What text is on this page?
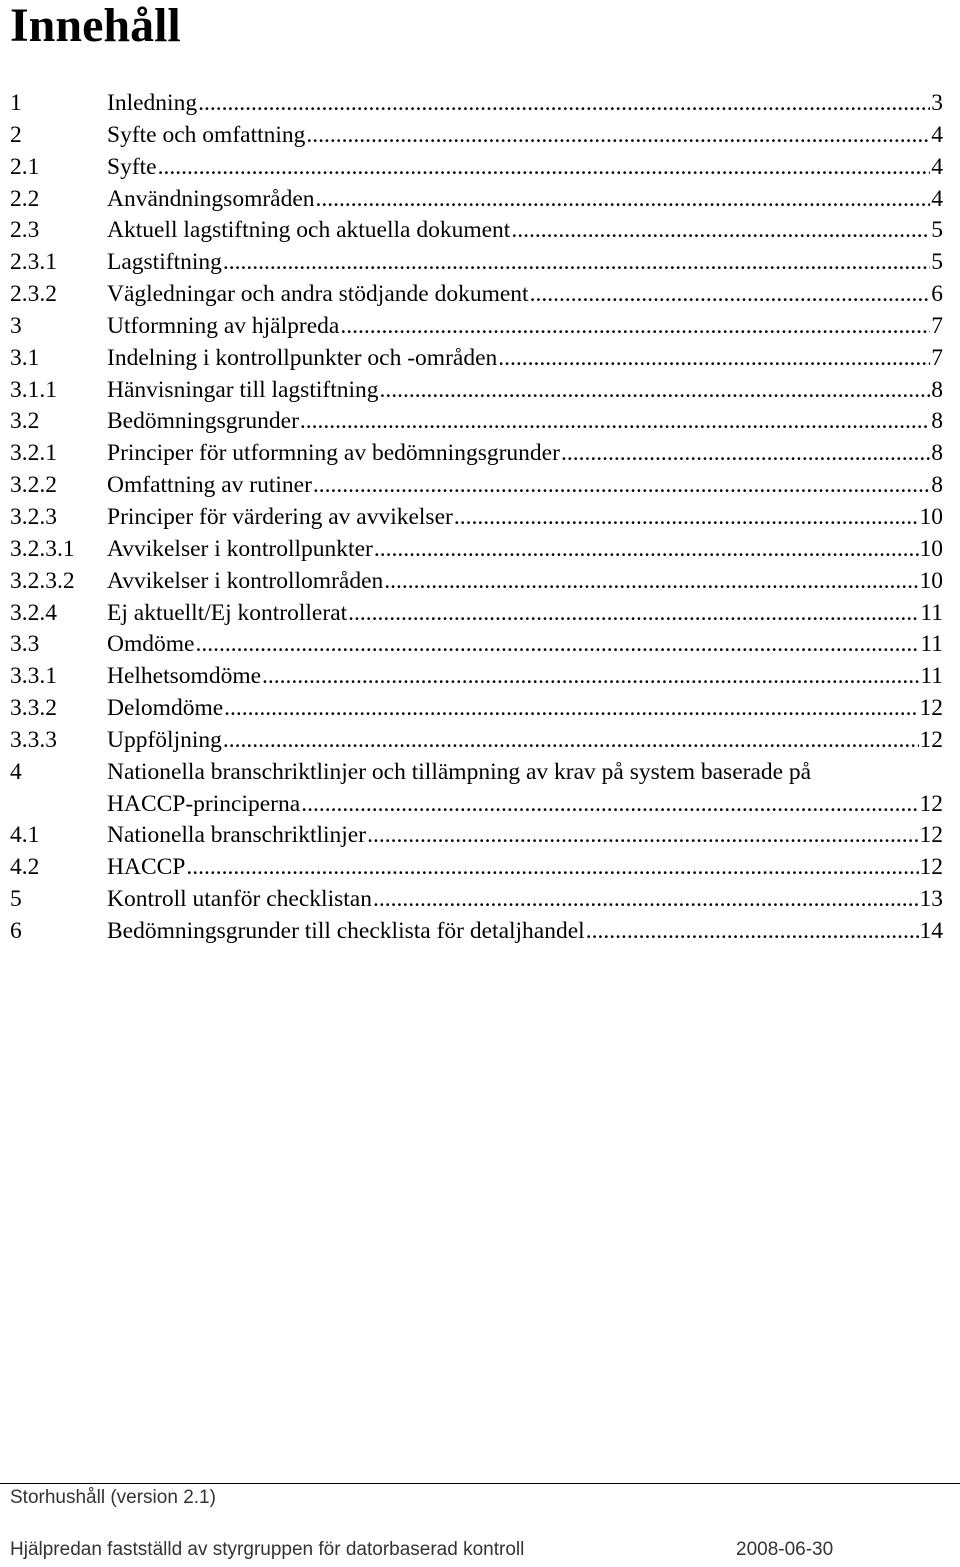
Innehåll
1	Inledning .....	3
2	Syfte och omfattning .....	4
2.1	Syfte .....	4
2.2	Användningsområden .....	4
2.3	Aktuell lagstiftning och aktuella dokument .....	5
2.3.1	Lagstiftning .....	5
2.3.2	Vägledningar och andra stödjande dokument .....	6
3	Utformning av hjälpreda .....	7
3.1	Indelning i kontrollpunkter och -områden .....	7
3.1.1	Hänvisningar till lagstiftning .....	8
3.2	Bedömningsgrunder .....	8
3.2.1	Principer för utformning av bedömningsgrunder .....	8
3.2.2	Omfattning av rutiner .....	8
3.2.3	Principer för värdering av avvikelser .....	10
3.2.3.1	Avvikelser i kontrollpunkter .....	10
3.2.3.2	Avvikelser i kontrollområden .....	10
3.2.4	Ej aktuellt/Ej kontrollerat .....	11
3.3	Omdöme .....	11
3.3.1	Helhetsomdöme .....	11
3.3.2	Delomdöme .....	12
3.3.3	Uppföljning .....	12
4	Nationella branschriktlinjer och tillämpning av krav på system baserade på
HACCP-principerna .....	12
4.1	Nationella branschriktlinjer .....	12
4.2	HACCP .....	12
5	Kontroll utanför checklistan .....	13
6	Bedömningsgrunder till checklista för detaljhandel .....	14
Storhushåll (version 2.1)
Hjälpredan fastställd av styrgruppen för datorbaserad kontroll	2008-06-30
